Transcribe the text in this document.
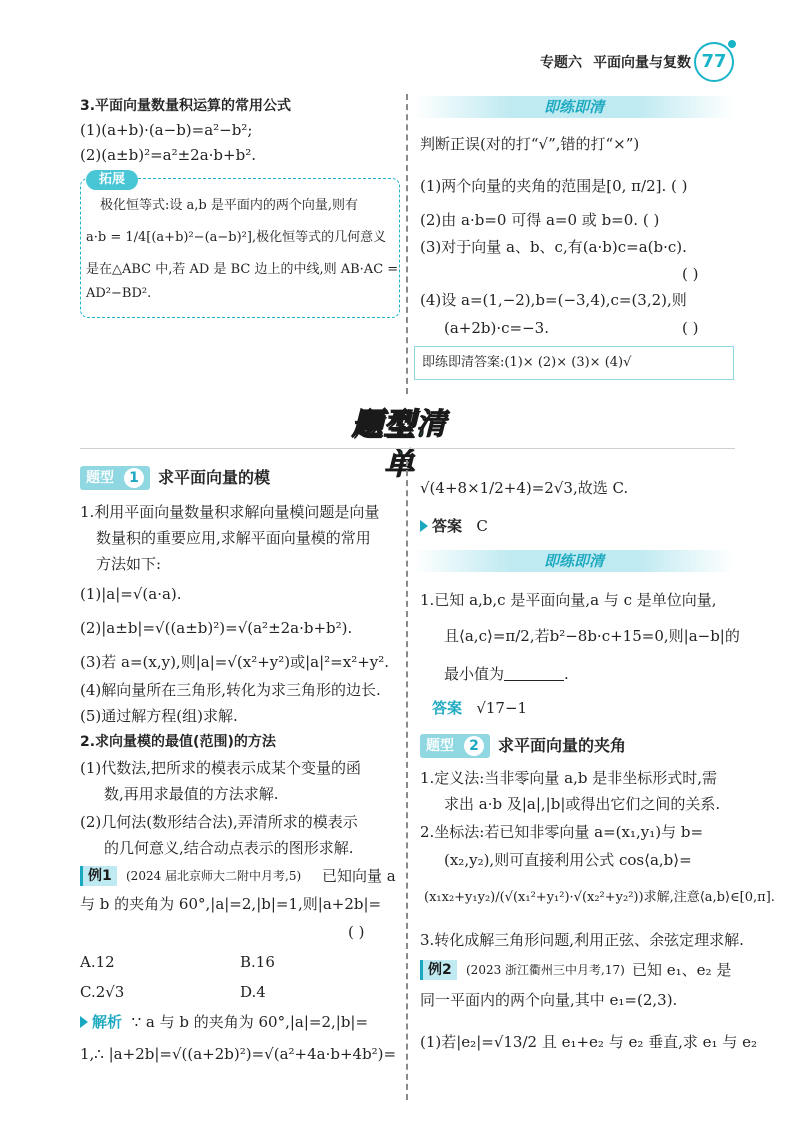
专题六 平面向量与复数 77
3.平面向量数量积运算的常用公式
(1)(a+b)·(a−b)=a²−b²;
(2)(a±b)²=a²±2a·b+b².
拓展
极化恒等式:设 a,b 是平面内的两个向量,则有
a·b = 1/4[(a+b)²−(a−b)²],极化恒等式的几何意义
是在△ABC 中,若 AD 是 BC 边上的中线,则 AB·AC =
AD²−BD².
即练即清
判断正误(对的打“√”,错的打“×”)
(1)两个向量的夹角的范围是[0, π/2]. ( )
(2)由 a·b=0 可得 a=0 或 b=0. ( )
(3)对于向量 a、b、c,有(a·b)c=a(b·c).
( )
(4)设 a=(1,−2),b=(−3,4),c=(3,2),则
(a+2b)·c=−3.	( )
即练即清答案:(1)× (2)× (3)× (4)√
题型清单
题型	1	求平面向量的模
1.利用平面向量数量积求解向量模问题是向量
数量积的重要应用,求解平面向量模的常用
方法如下:
(1)|a|=√(a·a).
(2)|a±b|=√((a±b)²)=√(a²±2a·b+b²).
(3)若 a=(x,y),则|a|=√(x²+y²)或|a|²=x²+y².
(4)解向量所在三角形,转化为求三角形的边长.
(5)通过解方程(组)求解.
2.求向量模的最值(范围)的方法
(1)代数法,把所求的模表示成某个变量的函
数,再用求最值的方法求解.
(2)几何法(数形结合法),弄清所求的模表示
的几何意义,结合动点表示的图形求解.
例1	(2024 届北京师大二附中月考,5) 已知向量 a
与 b 的夹角为 60°,|a|=2,|b|=1,则|a+2b|=
( )
A.12	B.16
C.2√3	D.4
解析 ∵ a 与 b 的夹角为 60°,|a|=2,|b|=
1,∴ |a+2b|=√((a+2b)²)=√(a²+4a·b+4b²)=
√(4+8×1/2+4)=2√3,故选 C.
答案 C
即练即清
1.已知 a,b,c 是平面向量,a 与 c 是单位向量,
且⟨a,c⟩=π/2,若b²−8b·c+15=0,则|a−b|的
最小值为	.
答案 √17−1
题型	2	求平面向量的夹角
1.定义法:当非零向量 a,b 是非坐标形式时,需
求出 a·b 及|a|,|b|或得出它们之间的关系.
2.坐标法:若已知非零向量 a=(x₁,y₁)与 b=
(x₂,y₂),则可直接利用公式 cos⟨a,b⟩=
(x₁x₂+y₁y₂)/(√(x₁²+y₁²)·√(x₂²+y₂²))求解,注意⟨a,b⟩∈[0,π].
3.转化成解三角形问题,利用正弦、余弦定理求解.
例2	(2023 浙江衢州三中月考,17) 已知 e₁、e₂ 是
同一平面内的两个向量,其中 e₁=(2,3).
(1)若|e₂|=√13/2 且 e₁+e₂ 与 e₂ 垂直,求 e₁ 与 e₂
